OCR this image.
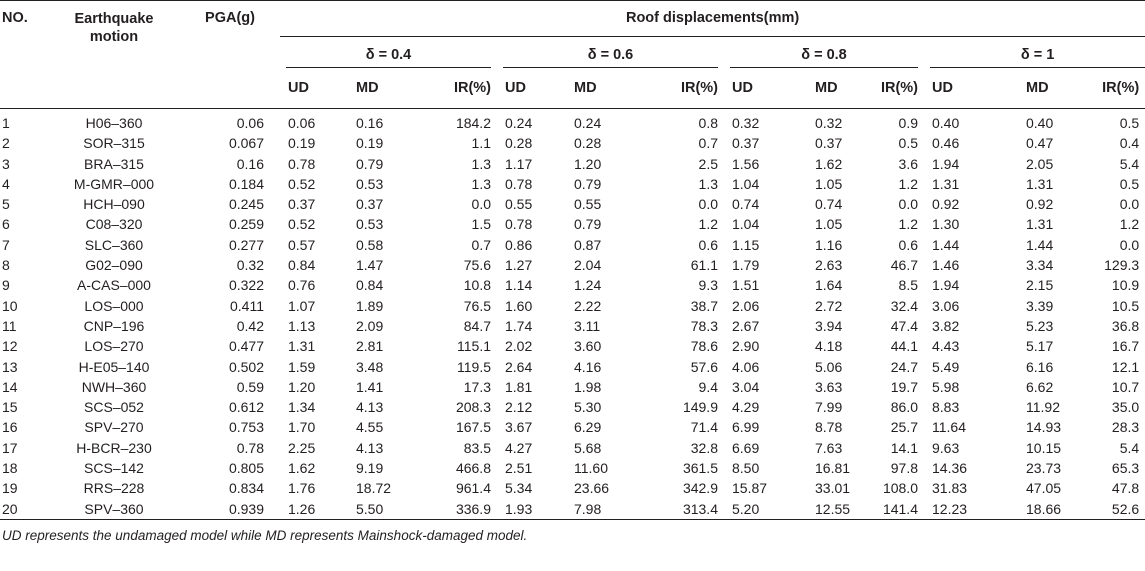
NO.	Earthquake motion	PGA(g)	Roof displacements(mm)											

			δ = 0.4			δ = 0.6			δ = 0.8			δ = 1		

			UD	MD	IR(%)	UD	MD	IR(%)	UD	MD	IR(%)	UD	MD	IR(%)
1	H06–360	0.06	0.06	0.16	184.2	0.24	0.24	0.8	0.32	0.32	0.9	0.40	0.40	0.5
2	SOR–315	0.067	0.19	0.19	1.1	0.28	0.28	0.7	0.37	0.37	0.5	0.46	0.47	0.4
3	BRA–315	0.16	0.78	0.79	1.3	1.17	1.20	2.5	1.56	1.62	3.6	1.94	2.05	5.4
4	M-GMR–000	0.184	0.52	0.53	1.3	0.78	0.79	1.3	1.04	1.05	1.2	1.31	1.31	0.5
5	HCH–090	0.245	0.37	0.37	0.0	0.55	0.55	0.0	0.74	0.74	0.0	0.92	0.92	0.0
6	C08–320	0.259	0.52	0.53	1.5	0.78	0.79	1.2	1.04	1.05	1.2	1.30	1.31	1.2
7	SLC–360	0.277	0.57	0.58	0.7	0.86	0.87	0.6	1.15	1.16	0.6	1.44	1.44	0.0
8	G02–090	0.32	0.84	1.47	75.6	1.27	2.04	61.1	1.79	2.63	46.7	1.46	3.34	129.3
9	A-CAS–000	0.322	0.76	0.84	10.8	1.14	1.24	9.3	1.51	1.64	8.5	1.94	2.15	10.9
10	LOS–000	0.411	1.07	1.89	76.5	1.60	2.22	38.7	2.06	2.72	32.4	3.06	3.39	10.5
11	CNP–196	0.42	1.13	2.09	84.7	1.74	3.11	78.3	2.67	3.94	47.4	3.82	5.23	36.8
12	LOS–270	0.477	1.31	2.81	115.1	2.02	3.60	78.6	2.90	4.18	44.1	4.43	5.17	16.7
13	H-E05–140	0.502	1.59	3.48	119.5	2.64	4.16	57.6	4.06	5.06	24.7	5.49	6.16	12.1
14	NWH–360	0.59	1.20	1.41	17.3	1.81	1.98	9.4	3.04	3.63	19.7	5.98	6.62	10.7
15	SCS–052	0.612	1.34	4.13	208.3	2.12	5.30	149.9	4.29	7.99	86.0	8.83	11.92	35.0
16	SPV–270	0.753	1.70	4.55	167.5	3.67	6.29	71.4	6.99	8.78	25.7	11.64	14.93	28.3
17	H-BCR–230	0.78	2.25	4.13	83.5	4.27	5.68	32.8	6.69	7.63	14.1	9.63	10.15	5.4
18	SCS–142	0.805	1.62	9.19	466.8	2.51	11.60	361.5	8.50	16.81	97.8	14.36	23.73	65.3
19	RRS–228	0.834	1.76	18.72	961.4	5.34	23.66	342.9	15.87	33.01	108.0	31.83	47.05	47.8
20	SPV–360	0.939	1.26	5.50	336.9	1.93	7.98	313.4	5.20	12.55	141.4	12.23	18.66	52.6
UD represents the undamaged model while MD represents Mainshock-damaged model.
